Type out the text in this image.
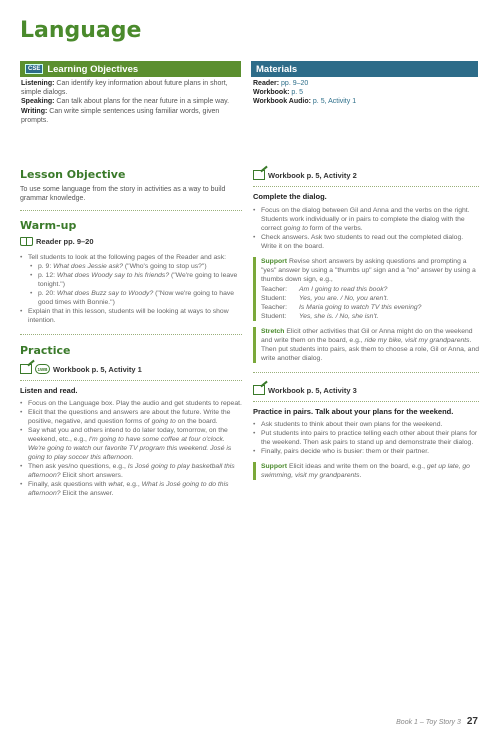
Language
CSE Learning Objectives

Listening: Can identify key information about future plans in short, simple dialogs.

Speaking: Can talk about plans for the near future in a simple way.

Writing: Can write simple sentences using familiar words, given prompts.

Materials

Reader: pp. 9–20

Workbook: p. 5

Workbook Audio: p. 5, Activity 1

Lesson Objective
To use some language from the story in activities as a way to build grammar knowledge.
Warm-up
Reader pp. 9–20
• Tell students to look at the following pages of the Reader and ask:
• p. 9: What does Jessie ask? ("Who's going to stop us?")
• p. 12: What does Woody say to his friends? ("We're going to leave tonight.")
• p. 20: What does Buzz say to Woody? ("Now we're going to have good times with Bonnie.")
• Explain that in this lesson, students will be looking at ways to show intention.
Practice
1WB Workbook p. 5, Activity 1
Listen and read.
• Focus on the Language box. Play the audio and get students to repeat.
• Elicit that the questions and answers are about the future. Write the positive, negative, and question forms of going to on the board.
• Say what you and others intend to do later today, tomorrow, on the weekend, etc., e.g., I'm going to have some coffee at four o'clock. We're going to watch our favorite TV program this weekend. José is going to play soccer this afternoon.
• Then ask yes/no questions, e.g., Is José going to play basketball this afternoon? Elicit short answers.
• Finally, ask questions with what, e.g., What is José going to do this afternoon? Elicit the answer.
Workbook p. 5, Activity 2
Complete the dialog.
• Focus on the dialog between Gil and Anna and the verbs on the right. Students work individually or in pairs to complete the dialog with the correct going to form of the verbs.
• Check answers. Ask two students to read out the completed dialog. Write it on the board.
Support Revise short answers by asking questions and prompting a "yes" answer by using a "thumbs up" sign and a "no" answer by using a thumbs down sign, e.g.,
Teacher:	Am I going to read this book?
Student:	Yes, you are. / No, you aren't.
Teacher:	Is Maria going to watch TV this evening?
Student:	Yes, she is. / No, she isn't.
Stretch Elicit other activities that Gil or Anna might do on the weekend and write them on the board, e.g., ride my bike, visit my grandparents. Then put students into pairs, ask them to choose a role, Gil or Anna, and write another dialog.
Workbook p. 5, Activity 3
Practice in pairs. Talk about your plans for the weekend.
• Ask students to think about their own plans for the weekend.
• Put students into pairs to practice telling each other about their plans for the weekend. Then ask pairs to stand up and demonstrate their dialog.
• Finally, pairs decide who is busier: them or their partner.
Support Elicit ideas and write them on the board, e.g., get up late, go swimming, visit my grandparents.
Book 1 – Toy Story 3 27
